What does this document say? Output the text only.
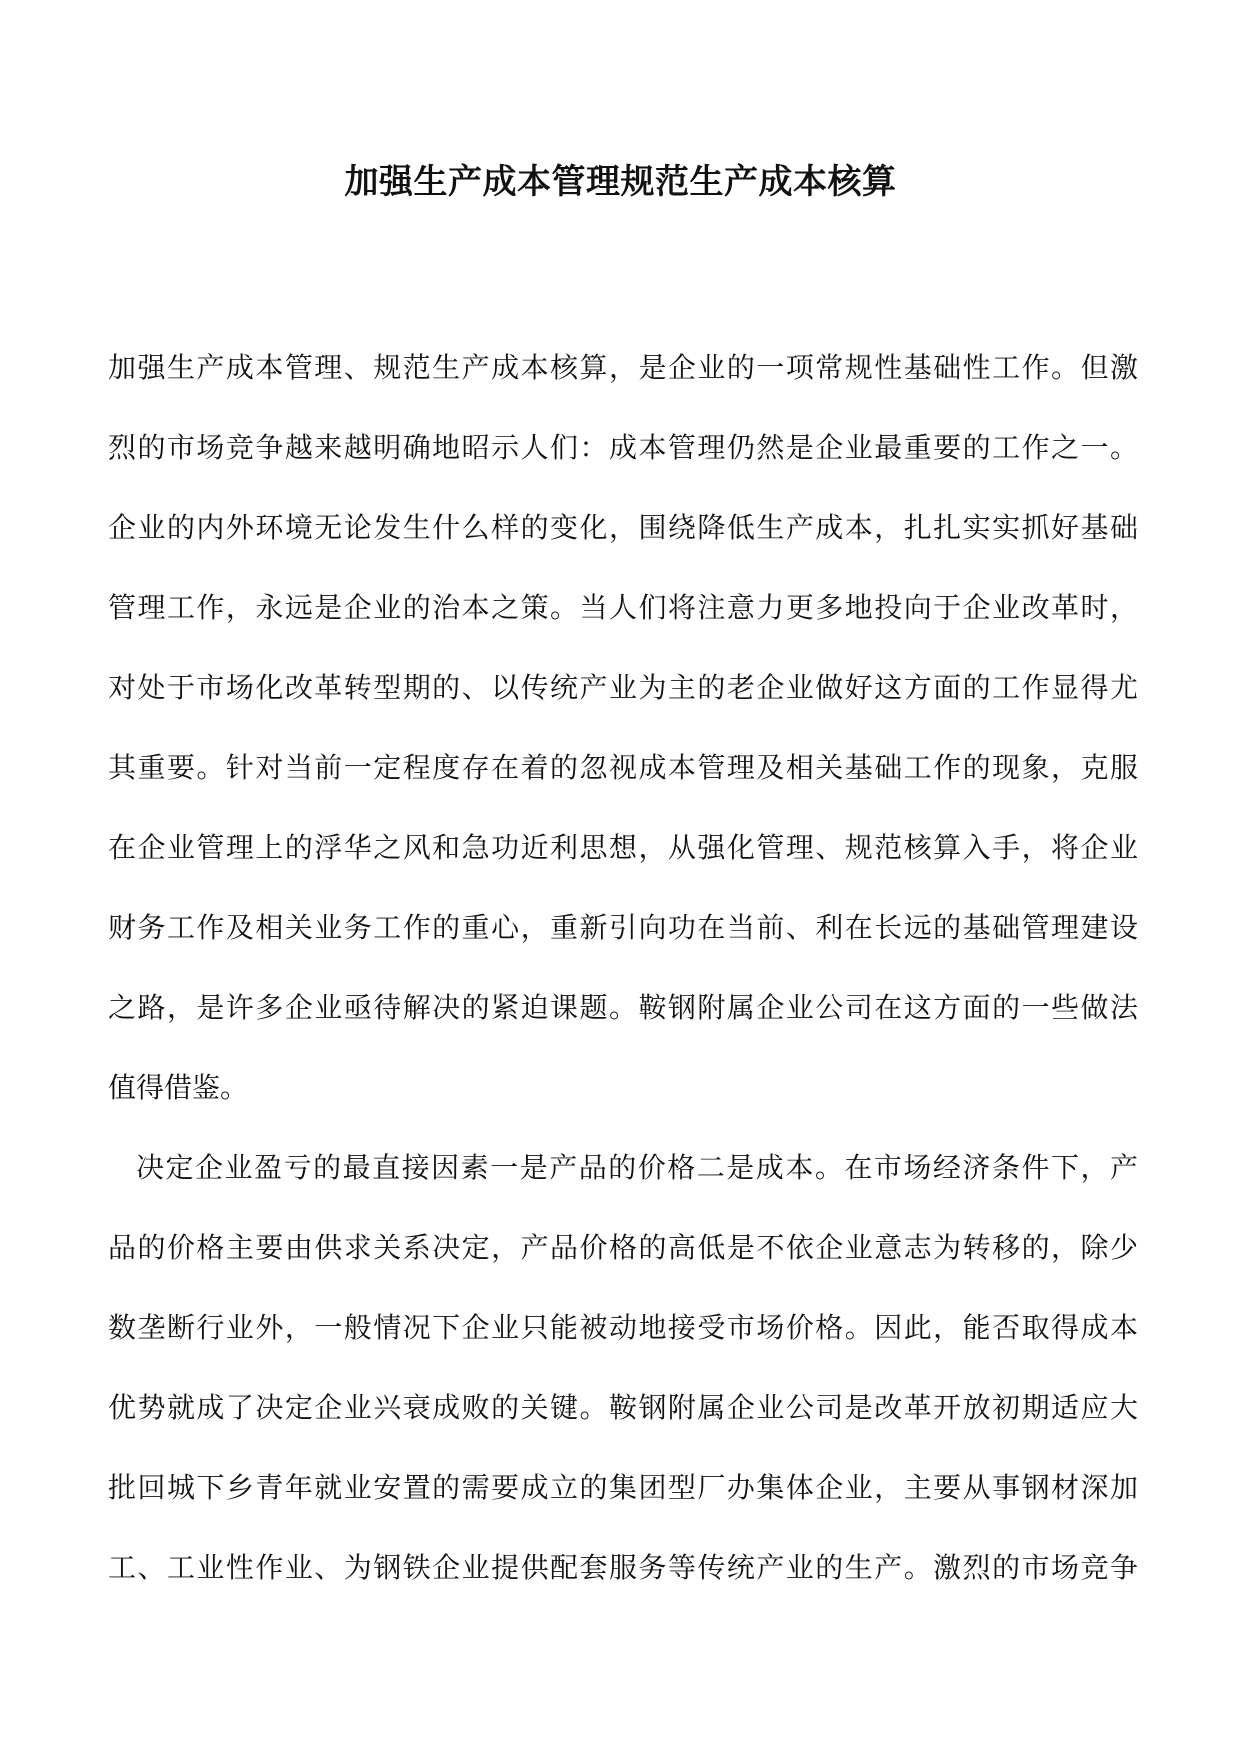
加强生产成本管理规范生产成本核算

加强生产成本管理、规范生产成本核算，是企业的一项常规性基础性工作。但激

烈的市场竞争越来越明确地昭示人们：成本管理仍然是企业最重要的工作之一。

企业的内外环境无论发生什么样的变化，围绕降低生产成本，扎扎实实抓好基础

管理工作，永远是企业的治本之策。当人们将注意力更多地投向于企业改革时，

对处于市场化改革转型期的、以传统产业为主的老企业做好这方面的工作显得尤

其重要。针对当前一定程度存在着的忽视成本管理及相关基础工作的现象，克服

在企业管理上的浮华之风和急功近利思想，从强化管理、规范核算入手，将企业

财务工作及相关业务工作的重心，重新引向功在当前、利在长远的基础管理建设

之路，是许多企业亟待解决的紧迫课题。鞍钢附属企业公司在这方面的一些做法

值得借鉴。

决定企业盈亏的最直接因素一是产品的价格二是成本。在市场经济条件下，产

品的价格主要由供求关系决定，产品价格的高低是不依企业意志为转移的，除少

数垄断行业外，一般情况下企业只能被动地接受市场价格。因此，能否取得成本

优势就成了决定企业兴衰成败的关键。鞍钢附属企业公司是改革开放初期适应大

批回城下乡青年就业安置的需要成立的集团型厂办集体企业，主要从事钢材深加

工、工业性作业、为钢铁企业提供配套服务等传统产业的生产。激烈的市场竞争
